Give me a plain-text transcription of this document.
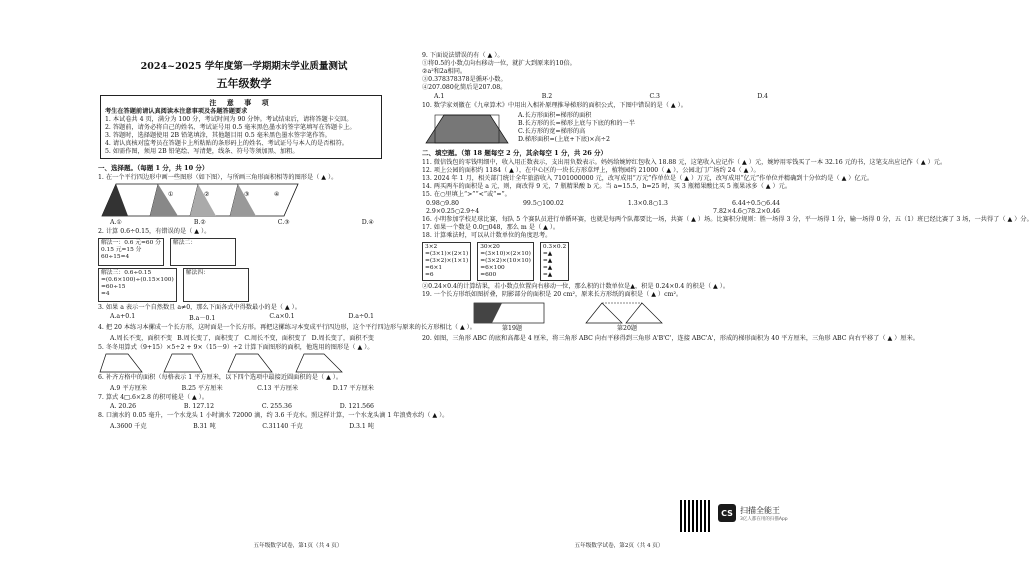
2024~2025 学年度第一学期期末学业质量测试
五年级数学
注 意 事 项
考生在答题前请认真阅读本注意事项及各题答题要求
1. 本试卷共 4 页，满分为 100 分，考试时间为 90 分钟。考试结束后，请将答题卡交回。
2. 答题前，请务必将自己的姓名、考试证号用 0.5 毫米黑色墨水的签字笔填写在答题卡上。
3. 答题时，选择题使用 2B 铅笔填涂，其他题目用 0.5 毫米黑色墨水签字笔作答。
4. 请认真核对监考员在答题卡上所粘贴的条形码上的姓名、考试证号与本人的是否相符。
5. 如需作图，须用 2B 铅笔绘、写清楚，线条、符号等须加黑、加粗。
一、选择题。（每题 1 分，共 10 分）
1. 在一个平行四边形中画一些图形（如下图），与所画三角形面积相等的图形是（ ▲ ）。
①	②	③	④
A.①	B.②	C.③	D.④
2. 计算 0.6÷0.15，有错误的是（ ▲ ）。
解法一：0.6 元=60 分
0.15 元=15 分
60÷15=4
解法二：
解法三：0.6÷0.15
=(0.6×100)÷(0.15×100)
=60÷15
=4
解法四：
3. 如果 a 表示一个自然数且 a≠0，那么下面各式中得数最小的是（ ▲ ）。
A.a+0.1	B.a－0.1	C.a×0.1	D.a÷0.1
4. 把 20 本练习本摞成一个长方形，这时面是一个长方形。再把这摞练习本变成平行四边形，这个平行四边形与原来的长方形相比（ ▲ ）。
A.周长不变，面积不变 B.周长变了，面积变了 C.周长不变，面积变了 D.周长变了，面积不变
5. 冬冬用算式（9+15）×5÷2 + 9×（15－9）÷2 计算下面图形的面积，他选用的图形是（ ▲ ）。
6. 补齐方格中的面积（每格表示 1 平方厘米，以下四个选项中最接近圆面积的是（ ▲ ）。
A.9 平方厘米	B.25 平方厘米	C.13 平方厘米	D.17 平方厘米
7. 算式 4□.6×2.8 的积可能是（ ▲ ）。
A. 20.26	B. 127.12	C. 255.36	D. 121.566
8. 口滴水的 0.05 毫升，一个水龙头 1 小时滴水 72000 滴，约 3.6 千克水。照这样计算，一个水龙头滴 1 年浪费水约（ ▲ ）。
A.3600 千克	B.31 吨	C.31140 千克	D.3.1 吨
五年级数学试卷，第1页（共 4 页）
9. 下面说法错误的有（ ▲ ）。
①将0.5的小数点向右移动一位，就扩大到原来的10倍。
②a²和2a相同。
③0.378378378是循环小数。
④207.080化简后是207.08。
A.1	B.2	C.3	D.4
10. 数学家刘徽在《九章算术》中用出入相补原理推导梯形的面积公式，下图中错误的是（ ▲ ）。
A.长方形面积=梯形的面积
B.长方形的长=梯形上底与下底的和的一半
C.长方形的宽=梯形的高
D.梯形面积=(上底+下底)×高÷2
二、填空题。（第 18 题每空 2 分，其余每空 1 分，共 26 分）
11. 微信钱包的零钱明细中，收入用正数表示，支出用负数表示。妈妈给婉婷红包收入 18.88 元，这笔收入应记作（ ▲ ）元，婉婷用零钱买了一本 32.16 元的书，这笔支出应记作（ ▲ ）元。
12. 项上公园的面积约 1184（ ▲ ），在中心区的一块长方形草坪上，植物园约 21000（ ▲ ），公园北门广场约 24（ ▲ ）。
13. 2024 年 1 月，相关部门统计全年旅游收入 7101000000 元，改写成用“万元”作单位是（ ▲ ）万元，改写成用“亿元”作单位并精确到十分位约是（ ▲ ）亿元。
14. 两买两车的面积是 a 元，则，商改得 9 元，7 瓶精果酸 b 元。当 a=15.5，b=25 时，买 3 瓶精果酸比买 5 瓶果冰多（ ▲ ）元。
15. 在○里填上“>”“<”或“=”。
0.98○9.80	99.5○100.02	1.3×0.8○1.3	6.44÷0.5○6.44
2.9×0.25○2.9÷4	7.82×4.6○78.2×0.46
16. 小明参加学校足球比赛，每队 5 个赛队员进行单循环赛，也就是每两个队都要比一场，共赛（ ▲ ）场。比赛积分规则：胜一场得 3 分，平一场得 1 分，输一场得 0 分，五（1）班已经比赛了 3 场，一共得了（ ▲ ）分。
17. 如果一个数是 0.0□048，那么 m 是（ ▲ ）。
18. 计算乘法时，可以从计数单位的角度思考。
3×2
=(3×1)×(2×1)
=(3×2)×(1×1)
=6×1
=6
30×20
=(3×10)×(2×10)
=(3×2)×(10×10)
=6×100
=600
0.3×0.2
=▲
=▲
=▲
=▲
②0.24×0.4的计算结果，若小数点位置向右移动一位，那么积的计数单位是▲，积是 0.24×0.4 的积是（ ▲ ）。
19. 一个长方形纸如图折叠，阴影部分的面积是 20 cm²，原来长方形纸的面积是（ ▲ ）cm²。
第19题	第20题
20. 如图，三角形 ABC 的底和高都是 4 厘米，将三角形 ABC 向右平移得到三角形 A'B'C'，连接 ABC'A'，形成的梯形面积为 40 平方厘米，三角形 ABC 向右平移了（ ▲ ）厘米。
五年级数学试卷，第2页（共 4 页）
CS 扫描全能王
3亿人都在用的扫描App
